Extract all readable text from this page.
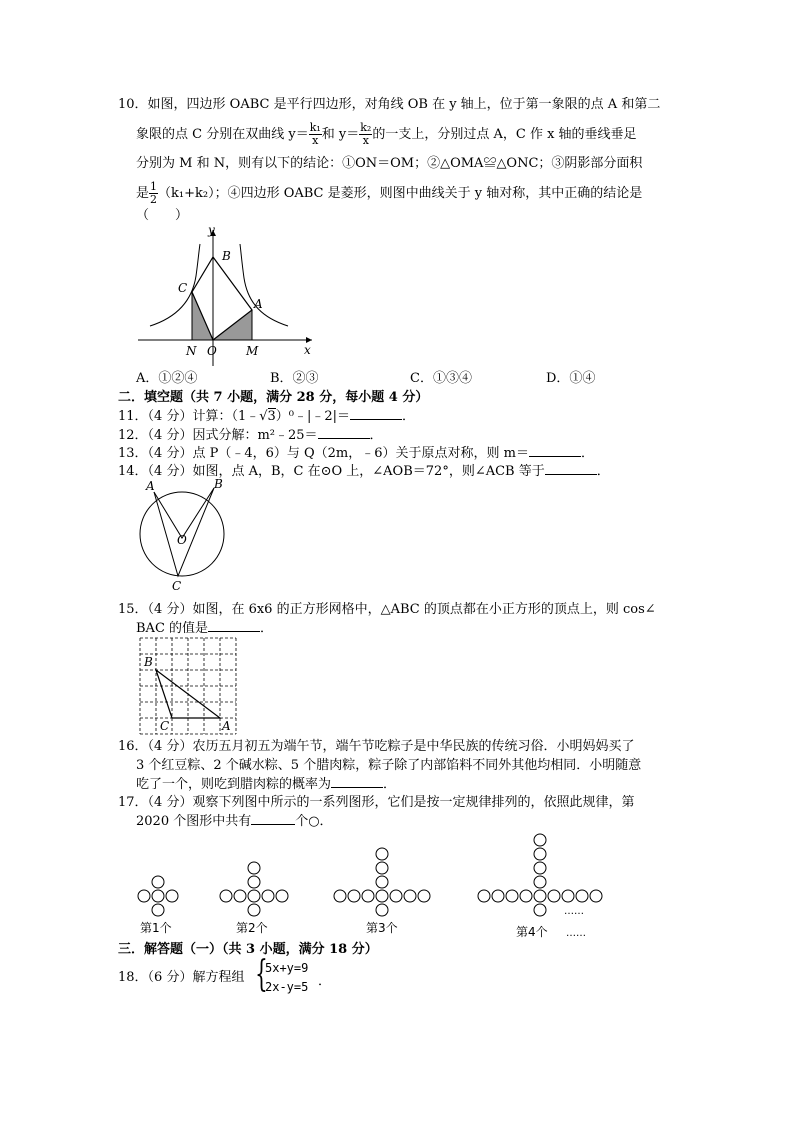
10．如图，四边形 OABC 是平行四边形，对角线 OB 在 y 轴上，位于第一象限的点 A 和第二
象限的点 C 分别在双曲线 $y= \frac{\text{k₁}}{x}$ 和 $y= \frac{\text{k₂}}{x}$ 的一支上，分别过点 A，C 作 x 轴的垂线垂足
分别为 M 和 N，则有以下的结论：①ON＝OM；②△OMA≌△ONC；③阴影部分面积
是 $\frac{1}{2} (k_1+k_2)$；④四边形 OABC 是菱形，则图中曲线关于 y 轴对称，其中正确的结论是
（　　）
y
x
B
C
A
N O M
A．①②④	B．②③	C．①③④	D．①④
二．填空题（共 7 小题，满分 28 分，每小题 4 分）
11．（4 分）计算：（1﹣√3）⁰﹣|﹣2|＝	．
12．（4 分）因式分解：m²﹣25＝	．
13．（4 分）点 P（﹣4，6）与 Q（2m，﹣6）关于原点对称，则 m＝	．
14．（4 分）如图，点 A，B，C 在⊙O 上，∠AOB＝72°，则∠ACB 等于	．
A	B
O
C
15．（4 分）如图，在 6x6 的正方形网格中，△ABC 的顶点都在小正方形的顶点上，则 cos∠
BAC 的值是	．
B
C	A
16．（4 分）农历五月初五为端午节，端午节吃粽子是中华民族的传统习俗．小明妈妈买了
3 个红豆粽、2 个碱水粽、5 个腊肉粽，粽子除了内部馅料不同外其他均相同．小明随意
吃了一个，则吃到腊肉粽的概率为	．
17．（4 分）观察下列图中所示的一系列图形，它们是按一定规律排列的，依照此规律，第
2020 个图形中共有	个○．
第1个	第2个	第3个	第4个
……
……
三．解答题（一）（共 3 小题，满分 18 分）
18．（6 分）解方程组 {
5x+y=9
2x-y=5 ．
